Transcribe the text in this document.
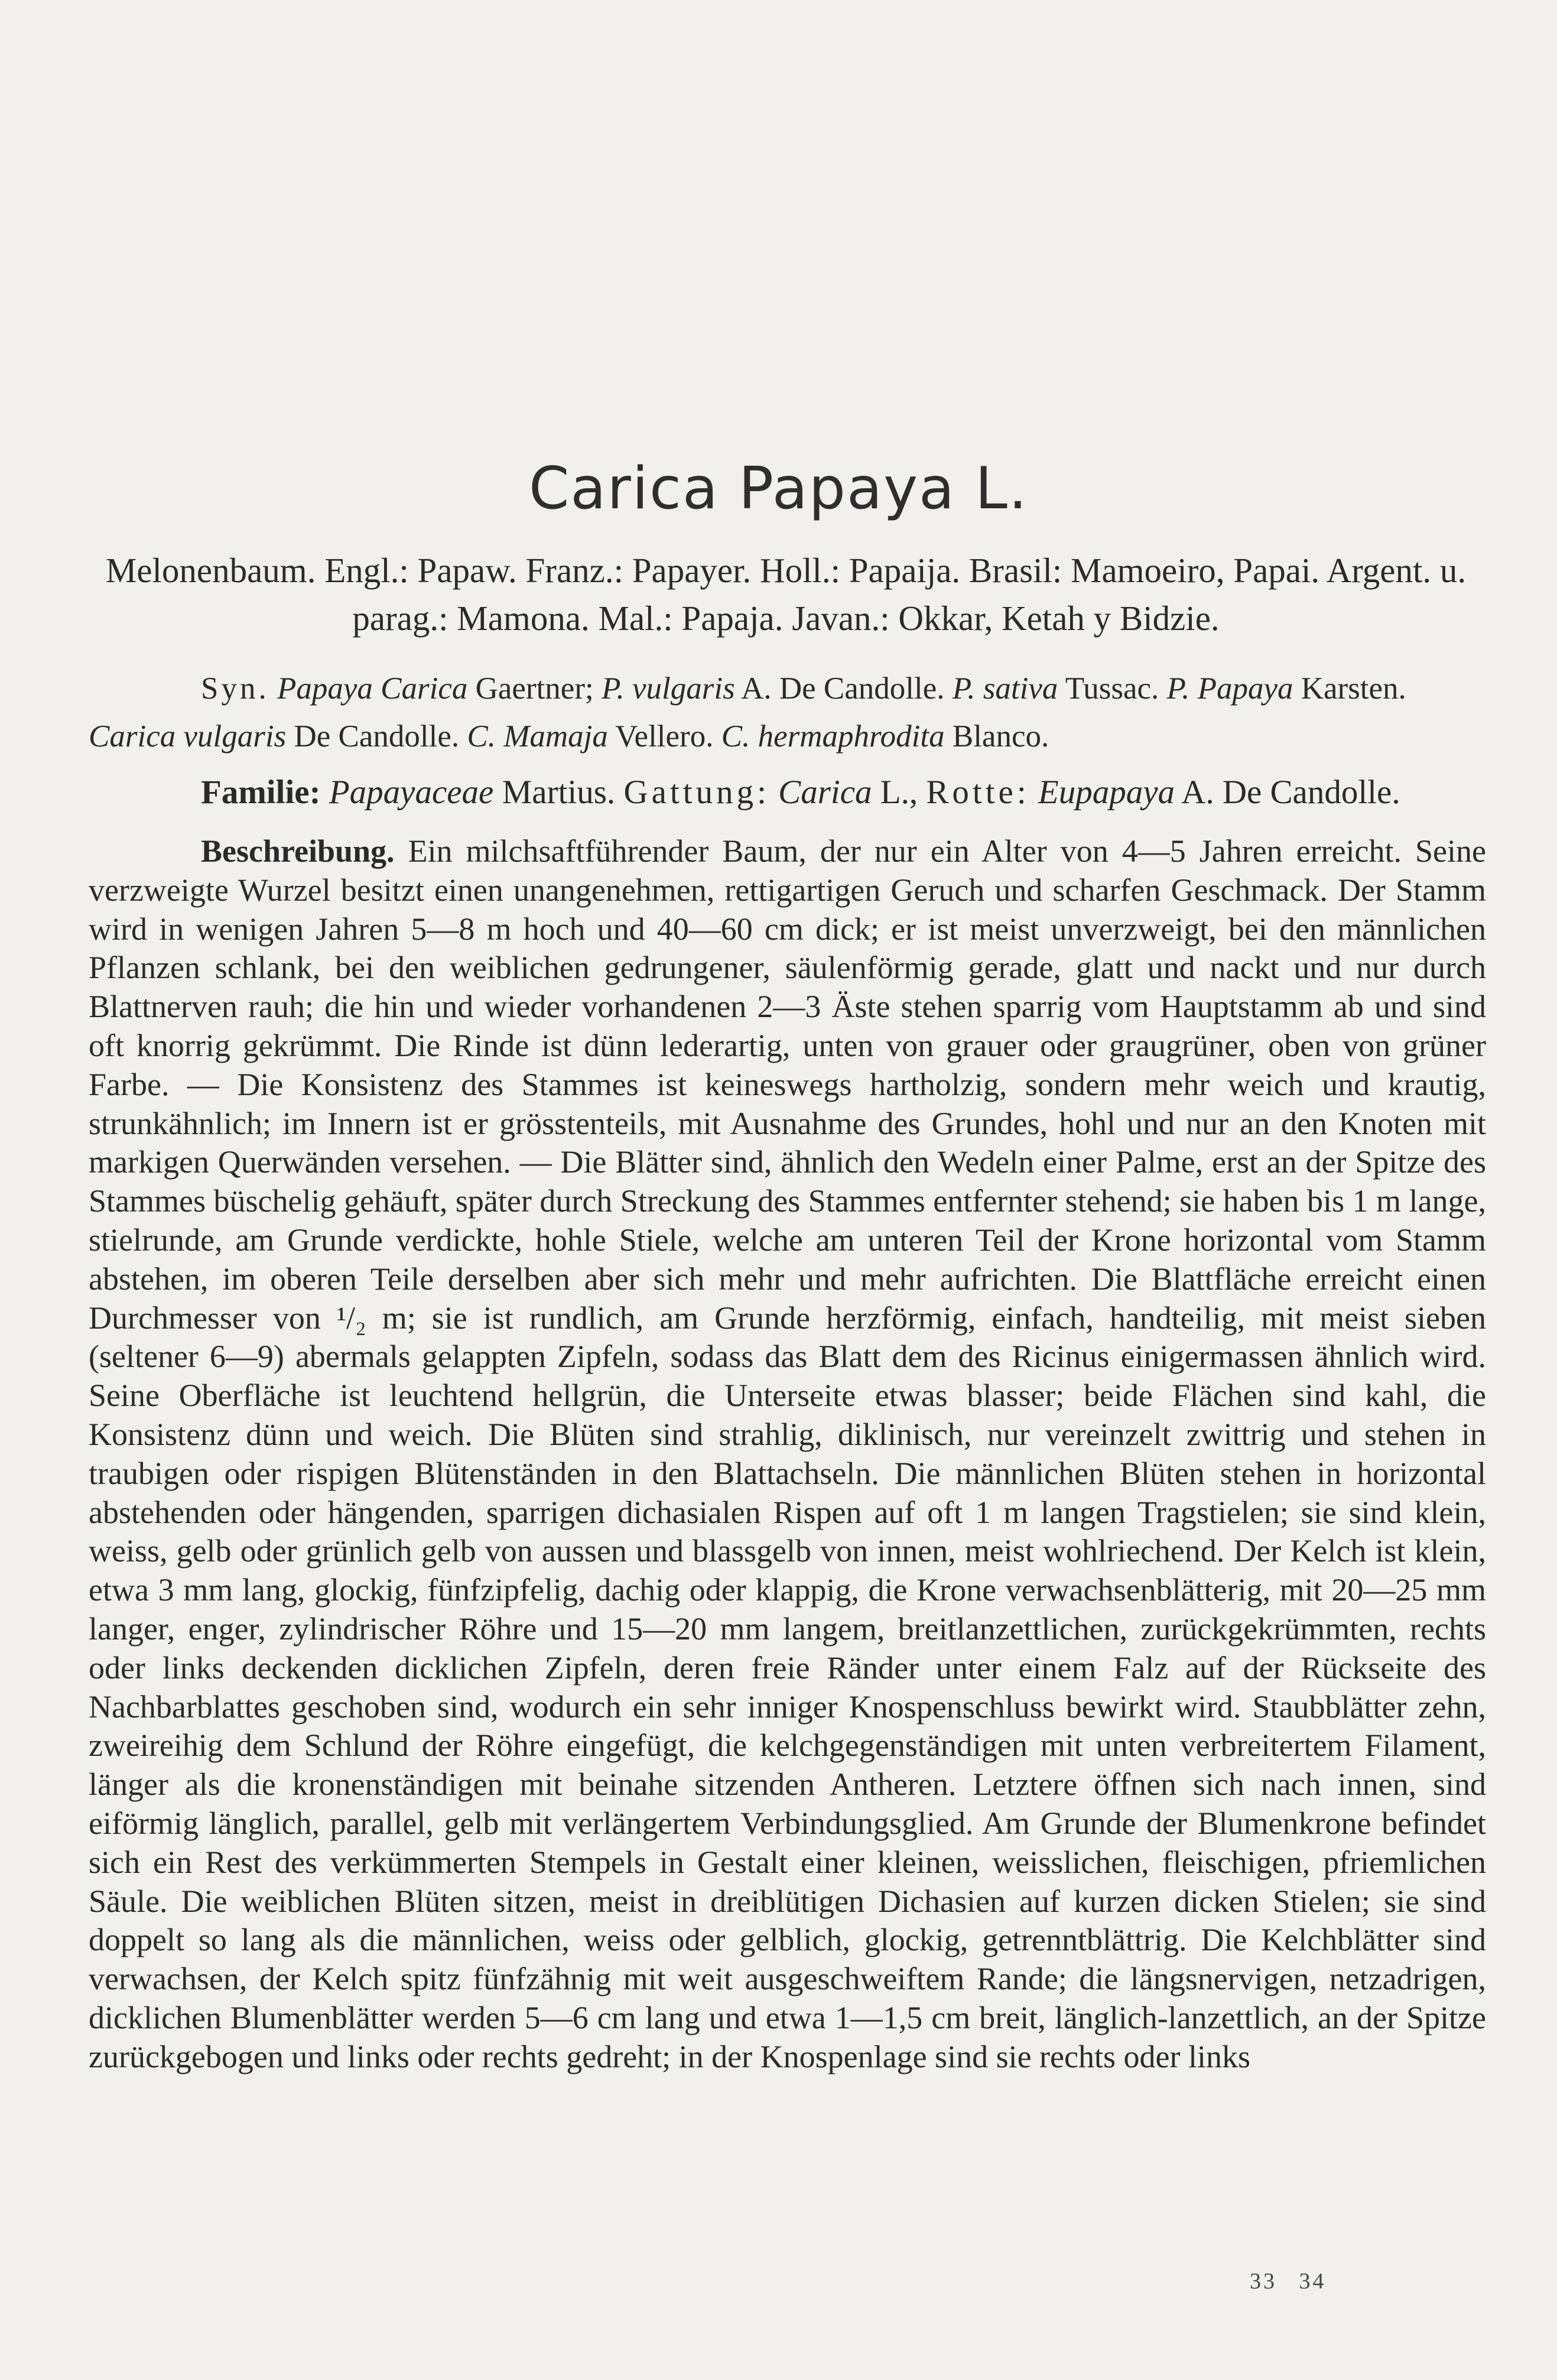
Carica Papaya L.
Melonenbaum. Engl.: Papaw. Franz.: Papayer. Holl.: Papaija. Brasil: Mamoeiro, Papai. Argent. u. parag.: Mamona. Mal.: Papaja. Javan.: Okkar, Ketah y Bidzie.
Syn. Papaya Carica Gaertner; P. vulgaris A. De Candolle. P. sativa Tussac. P. Papaya Karsten. Carica vulgaris De Candolle. C. Mamaja Vellero. C. hermaphrodita Blanco.
Familie: Papayaceae Martius. Gattung: Carica L., Rotte: Eupapaya A. De Candolle.

Beschreibung. Ein milchsaftführender Baum, der nur ein Alter von 4—5 Jahren erreicht. Seine verzweigte Wurzel besitzt einen unangenehmen, rettigartigen Geruch und scharfen Geschmack. Der Stamm wird in wenigen Jahren 5—8 m hoch und 40—60 cm dick; er ist meist unverzweigt, bei den männlichen Pflanzen schlank, bei den weiblichen gedrungener, säulenförmig gerade, glatt und nackt und nur durch Blattnerven rauh; die hin und wieder vorhandenen 2—3 Äste stehen sparrig vom Hauptstamm ab und sind oft knorrig gekrümmt. Die Rinde ist dünn lederartig, unten von grauer oder graugrüner, oben von grüner Farbe. — Die Konsistenz des Stammes ist keineswegs hartholzig, sondern mehr weich und krautig, strunkähnlich; im Innern ist er grösstenteils, mit Ausnahme des Grundes, hohl und nur an den Knoten mit markigen Querwänden versehen. — Die Blätter sind, ähnlich den Wedeln einer Palme, erst an der Spitze des Stammes büschelig gehäuft, später durch Streckung des Stammes entfernter stehend; sie haben bis 1 m lange, stielrunde, am Grunde verdickte, hohle Stiele, welche am unteren Teil der Krone horizontal vom Stamm abstehen, im oberen Teile derselben aber sich mehr und mehr aufrichten. Die Blattfläche erreicht einen Durchmesser von ¹/₂ m; sie ist rundlich, am Grunde herzförmig, einfach, handteilig, mit meist sieben (seltener 6—9) abermals gelappten Zipfeln, sodass das Blatt dem des Ricinus einigermassen ähnlich wird. Seine Oberfläche ist leuchtend hellgrün, die Unterseite etwas blasser; beide Flächen sind kahl, die Konsistenz dünn und weich. Die Blüten sind strahlig, diklinisch, nur vereinzelt zwittrig und stehen in traubigen oder rispigen Blütenständen in den Blattachseln. Die männlichen Blüten stehen in horizontal abstehenden oder hängenden, sparrigen dichasialen Rispen auf oft 1 m langen Tragstielen; sie sind klein, weiss, gelb oder grünlich gelb von aussen und blassgelb von innen, meist wohlriechend. Der Kelch ist klein, etwa 3 mm lang, glockig, fünfzipfelig, dachig oder klappig, die Krone verwachsenblätterig, mit 20—25 mm langer, enger, zylindrischer Röhre und 15—20 mm langem, breitlanzettlichen, zurückgekrümmten, rechts oder links deckenden dicklichen Zipfeln, deren freie Ränder unter einem Falz auf der Rückseite des Nachbarblattes geschoben sind, wodurch ein sehr inniger Knospenschluss bewirkt wird. Staubblätter zehn, zweireihig dem Schlund der Röhre eingefügt, die kelchgegenständigen mit unten verbreitertem Filament, länger als die kronenständigen mit beinahe sitzenden Antheren. Letztere öffnen sich nach innen, sind eiförmig länglich, parallel, gelb mit verlängertem Verbindungsglied. Am Grunde der Blumenkrone befindet sich ein Rest des verkümmerten Stempels in Gestalt einer kleinen, weisslichen, fleischigen, pfriemlichen Säule. Die weiblichen Blüten sitzen, meist in dreiblütigen Dichasien auf kurzen dicken Stielen; sie sind doppelt so lang als die männlichen, weiss oder gelblich, glockig, getrenntblättrig. Die Kelchblätter sind verwachsen, der Kelch spitz fünfzähnig mit weit ausgeschweiftem Rande; die längsnervigen, netzadrigen, dicklichen Blumenblätter werden 5—6 cm lang und etwa 1—1,5 cm breit, länglich-lanzettlich, an der Spitze zurückgebogen und links oder rechts gedreht; in der Knospenlage sind sie rechts oder links

33 34
